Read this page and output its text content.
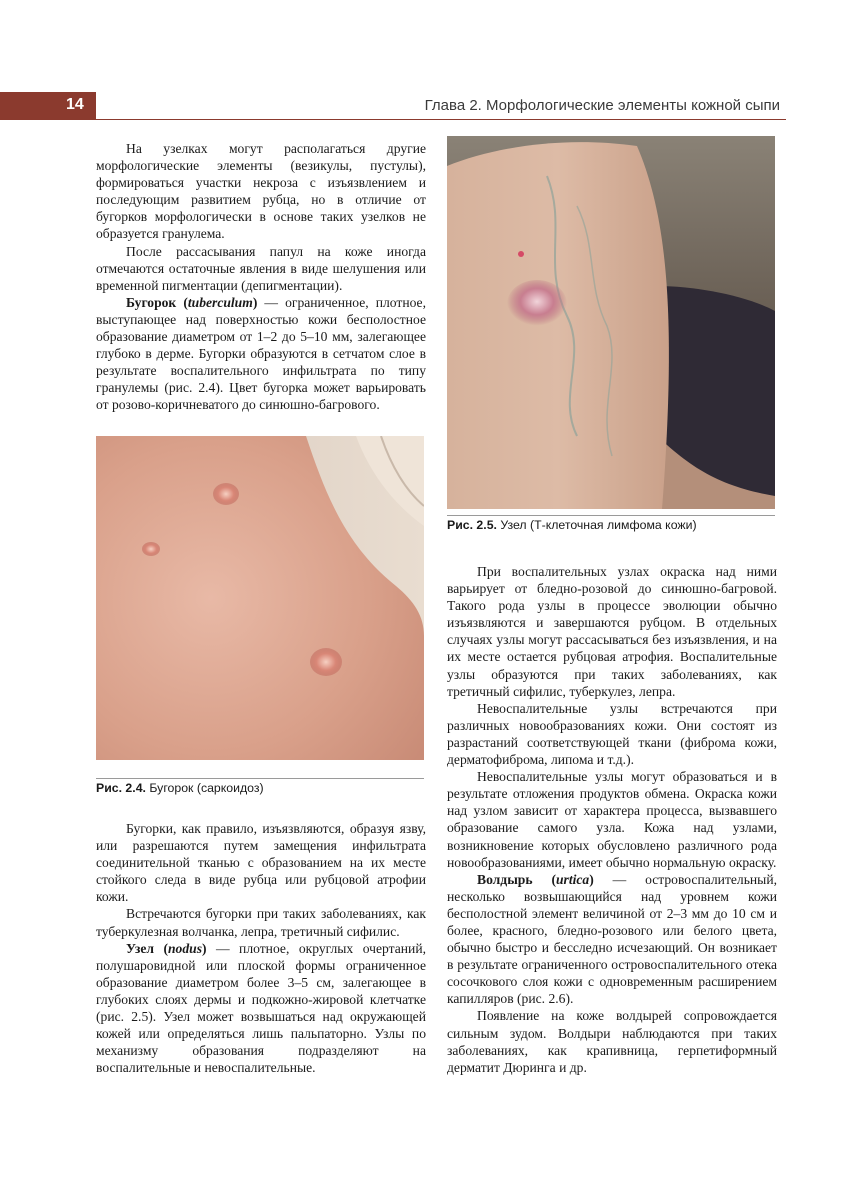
14	Глава 2. Морфологические элементы кожной сыпи

На узелках могут располагаться другие морфологические элементы (везикулы, пустулы), формироваться участки некроза с изъязвлением и последующим развитием рубца, но в отличие от бугорков морфологически в основе таких узелков не образуется гранулема.

После рассасывания папул на коже иногда отмечаются остаточные явления в виде шелушения или временной пигментации (депигментации).

Бугорок (tuberculum) — ограниченное, плотное, выступающее над поверхностью кожи бесполостное образование диаметром от 1–2 до 5–10 мм, залегающее глубоко в дерме. Бугорки образуются в сетчатом слое в результате воспалительного инфильтрата по типу гранулемы (рис. 2.4). Цвет бугорка может варьировать от розово-коричневатого до синюшно-багрового.

Рис. 2.4. Бугорок (саркоидоз)

Бугорки, как правило, изъязвляются, образуя язву, или разрешаются путем замещения инфильтрата соединительной тканью с образованием на их месте стойкого следа в виде рубца или рубцовой атрофии кожи.

Встречаются бугорки при таких заболеваниях, как туберкулезная волчанка, лепра, третичный сифилис.

Узел (nodus) — плотное, округлых очертаний, полушаровидной или плоской формы ограниченное образование диаметром более 3–5 см, залегающее в глубоких слоях дермы и подкожно-жировой клетчатке (рис. 2.5). Узел может возвышаться над окружающей кожей или определяться лишь пальпаторно. Узлы по механизму образования подразделяют на воспалительные и невоспалительные.

Рис. 2.5. Узел (Т-клеточная лимфома кожи)

При воспалительных узлах окраска над ними варьирует от бледно-розовой до синюшно-багровой. Такого рода узлы в процессе эволюции обычно изъязвляются и завершаются рубцом. В отдельных случаях узлы могут рассасываться без изъязвления, и на их месте остается рубцовая атрофия. Воспалительные узлы образуются при таких заболеваниях, как третичный сифилис, туберкулез, лепра.

Невоспалительные узлы встречаются при различных новообразованиях кожи. Они состоят из разрастаний соответствующей ткани (фиброма кожи, дерматофиброма, липома и т.д.).

Невоспалительные узлы могут образоваться и в результате отложения продуктов обмена. Окраска кожи над узлом зависит от характера процесса, вызвавшего образование самого узла. Кожа над узлами, возникновение которых обусловлено различного рода новообразованиями, имеет обычно нормальную окраску.

Волдырь (urtica) — островоспалительный, несколько возвышающийся над уровнем кожи бесполостной элемент величиной от 2–3 мм до 10 см и более, красного, бледно-розового или белого цвета, обычно быстро и бесследно исчезающий. Он возникает в результате ограниченного островоспалительного отека сосочкового слоя кожи с одновременным расширением капилляров (рис. 2.6).

Появление на коже волдырей сопровождается сильным зудом. Волдыри наблюдаются при таких заболеваниях, как крапивница, герпетиформный дерматит Дюринга и др.
